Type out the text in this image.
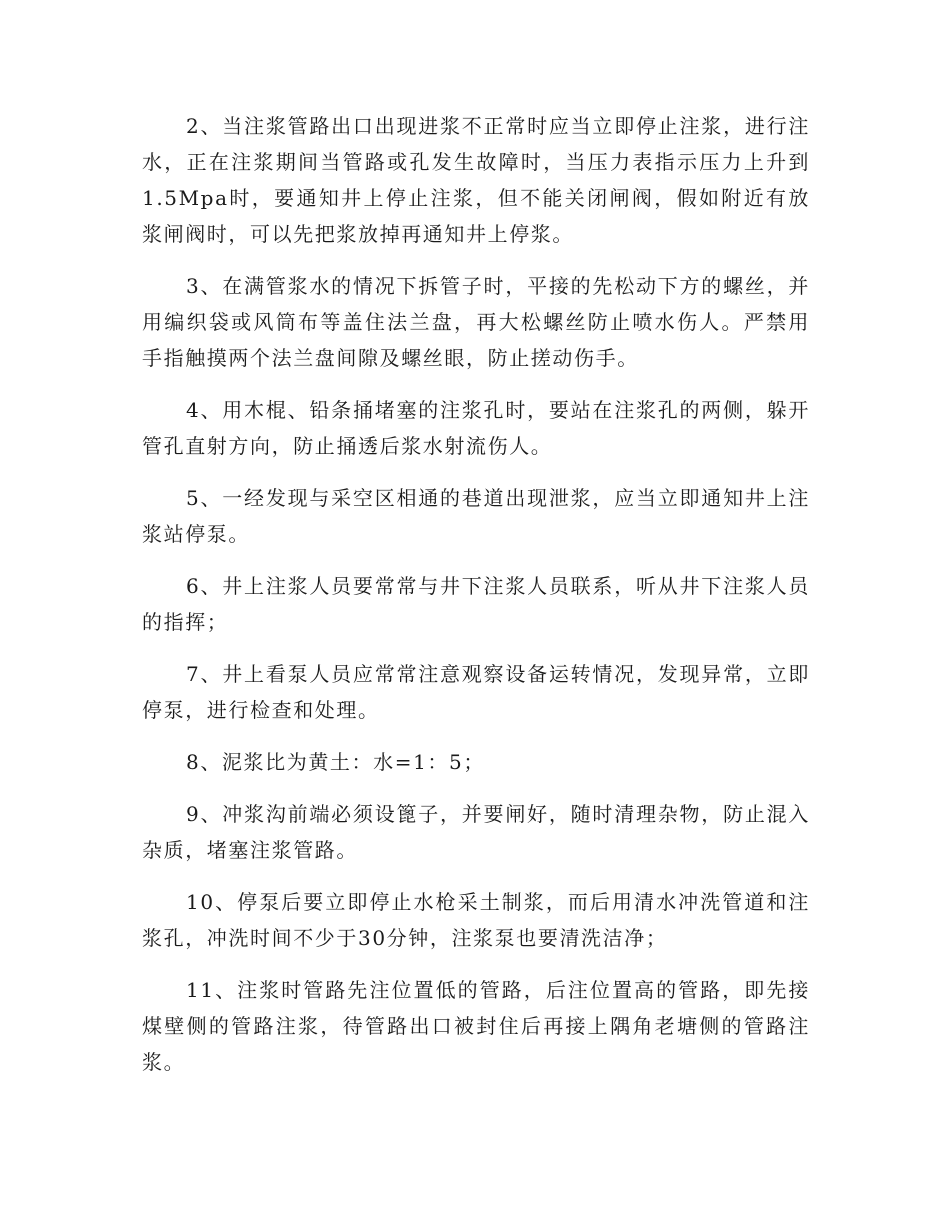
2、当注浆管路出口出现进浆不正常时应当立即停止注浆，进行注水，正在注浆期间当管路或孔发生故障时，当压力表指示压力上升到1.5Mpa时，要通知井上停止注浆，但不能关闭闸阀，假如附近有放浆闸阀时，可以先把浆放掉再通知井上停浆。

3、在满管浆水的情况下拆管子时，平接的先松动下方的螺丝，并用编织袋或风筒布等盖住法兰盘，再大松螺丝防止喷水伤人。严禁用手指触摸两个法兰盘间隙及螺丝眼，防止搓动伤手。

4、用木棍、铅条捅堵塞的注浆孔时，要站在注浆孔的两侧，躲开管孔直射方向，防止捅透后浆水射流伤人。

5、一经发现与采空区相通的巷道出现泄浆，应当立即通知井上注浆站停泵。

6、井上注浆人员要常常与井下注浆人员联系，听从井下注浆人员的指挥；

7、井上看泵人员应常常注意观察设备运转情况，发现异常，立即停泵，进行检查和处理。

8、泥浆比为黄土：水=1：5；

9、冲浆沟前端必须设篦子，并要闸好，随时清理杂物，防止混入杂质，堵塞注浆管路。

10、停泵后要立即停止水枪采土制浆，而后用清水冲洗管道和注浆孔，冲洗时间不少于30分钟，注浆泵也要清洗洁净；

11、注浆时管路先注位置低的管路，后注位置高的管路，即先接煤壁侧的管路注浆，待管路出口被封住后再接上隅角老塘侧的管路注浆。
